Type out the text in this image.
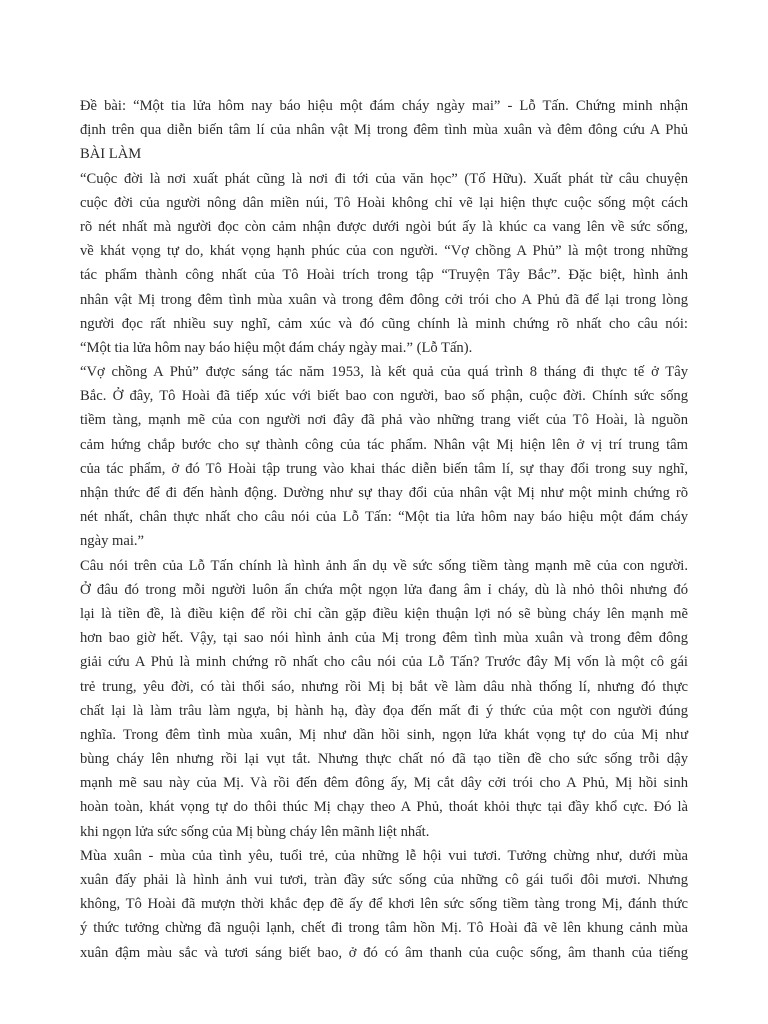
Đề bài: “Một tia lửa hôm nay báo hiệu một đám cháy ngày mai” - Lỗ Tấn. Chứng minh nhận
định trên qua diễn biến tâm lí của nhân vật Mị trong đêm tình mùa xuân và đêm đông cứu A Phủ
BÀI LÀM
“Cuộc đời là nơi xuất phát cũng là nơi đi tới của văn học” (Tố Hữu). Xuất phát từ câu chuyện
cuộc đời của người nông dân miền núi, Tô Hoài không chỉ vẽ lại hiện thực cuộc sống một cách
rõ nét nhất mà người đọc còn cảm nhận được dưới ngòi bút ấy là khúc ca vang lên về sức sống,
về khát vọng tự do, khát vọng hạnh phúc của con người. “Vợ chồng A Phủ” là một trong những
tác phẩm thành công nhất của Tô Hoài trích trong tập “Truyện Tây Bắc”. Đặc biệt, hình ảnh
nhân vật Mị trong đêm tình mùa xuân và trong đêm đông cởi trói cho A Phủ đã để lại trong lòng
người đọc rất nhiều suy nghĩ, cảm xúc và đó cũng chính là minh chứng rõ nhất cho câu nói:
“Một tia lửa hôm nay báo hiệu một đám cháy ngày mai.” (Lỗ Tấn).
“Vợ chồng A Phủ” được sáng tác năm 1953, là kết quả của quá trình 8 tháng đi thực tế ở Tây
Bắc. Ở đây, Tô Hoài đã tiếp xúc với biết bao con người, bao số phận, cuộc đời. Chính sức sống
tiềm tàng, mạnh mẽ của con người nơi đây đã phả vào những trang viết của Tô Hoài, là nguồn
cảm hứng chắp bước cho sự thành công của tác phẩm. Nhân vật Mị hiện lên ở vị trí trung tâm
của tác phẩm, ở đó Tô Hoài tập trung vào khai thác diễn biến tâm lí, sự thay đổi trong suy nghĩ,
nhận thức để đi đến hành động. Dường như sự thay đổi của nhân vật Mị như một minh chứng rõ
nét nhất, chân thực nhất cho câu nói của Lỗ Tấn: “Một tia lửa hôm nay báo hiệu một đám cháy
ngày mai.”
Câu nói trên của Lỗ Tấn chính là hình ảnh ẩn dụ về sức sống tiềm tàng mạnh mẽ của con người.
Ở đâu đó trong mỗi người luôn ẩn chứa một ngọn lửa đang âm ỉ cháy, dù là nhỏ thôi nhưng đó
lại là tiền đề, là điều kiện để rồi chỉ cần gặp điều kiện thuận lợi nó sẽ bùng cháy lên mạnh mẽ
hơn bao giờ hết. Vậy, tại sao nói hình ảnh của Mị trong đêm tình mùa xuân và trong đêm đông
giải cứu A Phủ là minh chứng rõ nhất cho câu nói của Lỗ Tấn? Trước đây Mị vốn là một cô gái
trẻ trung, yêu đời, có tài thổi sáo, nhưng rồi Mị bị bắt về làm dâu nhà thống lí, nhưng đó thực
chất lại là làm trâu làm ngựa, bị hành hạ, đày đọa đến mất đi ý thức của một con người đúng
nghĩa. Trong đêm tình mùa xuân, Mị như dần hồi sinh, ngọn lửa khát vọng tự do của Mị như
bùng cháy lên nhưng rồi lại vụt tắt. Nhưng thực chất nó đã tạo tiền đề cho sức sống trỗi dậy
mạnh mẽ sau này của Mị. Và rồi đến đêm đông ấy, Mị cắt dây cởi trói cho A Phủ, Mị hồi sinh
hoàn toàn, khát vọng tự do thôi thúc Mị chạy theo A Phủ, thoát khỏi thực tại đầy khổ cực. Đó là
khi ngọn lửa sức sống của Mị bùng cháy lên mãnh liệt nhất.
Mùa xuân - mùa của tình yêu, tuổi trẻ, của những lễ hội vui tươi. Tưởng chừng như, dưới mùa
xuân đấy phải là hình ảnh vui tươi, tràn đầy sức sống của những cô gái tuổi đôi mươi. Nhưng
không, Tô Hoài đã mượn thời khắc đẹp đẽ ấy để khơi lên sức sống tiềm tàng trong Mị, đánh thức
ý thức tưởng chừng đã nguội lạnh, chết đi trong tâm hồn Mị. Tô Hoài đã vẽ lên khung cảnh mùa
xuân đậm màu sắc và tươi sáng biết bao, ở đó có âm thanh của cuộc sống, âm thanh của tiếng
